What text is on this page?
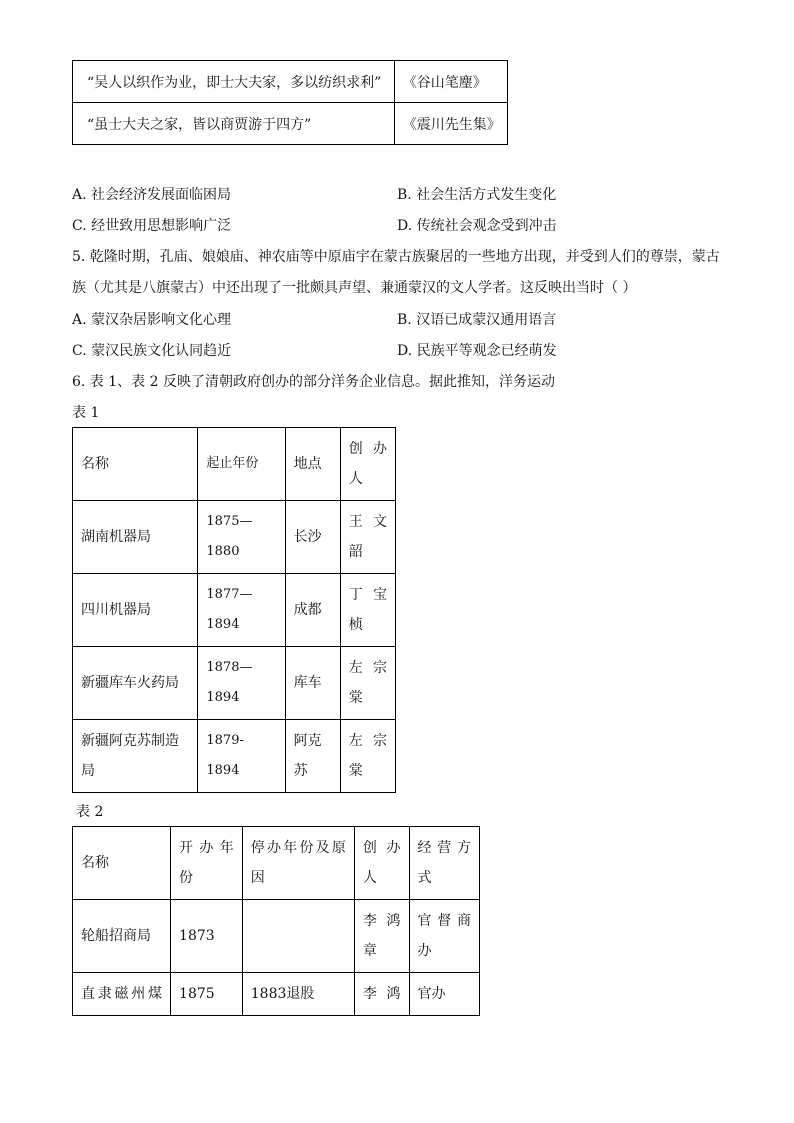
“吴人以织作为业，即士大夫家，多以纺织求利”	《谷山笔麈》
“虽士大夫之家，皆以商贾游于四方”	《震川先生集》
A. 社会经济发展面临困局	B. 社会生活方式发生变化
C. 经世致用思想影响广泛	D. 传统社会观念受到冲击
5. 乾隆时期，孔庙、娘娘庙、神农庙等中原庙宇在蒙古族聚居的一些地方出现，并受到人们的尊崇，蒙古
族（尤其是八旗蒙古）中还出现了一批颇具声望、兼通蒙汉的文人学者。这反映出当时（ ）
A. 蒙汉杂居影响文化心理	B. 汉语已成蒙汉通用语言
C. 蒙汉民族文化认同趋近	D. 民族平等观念已经萌发
6. 表 1、表 2 反映了清朝政府创办的部分洋务企业信息。据此推知，洋务运动
表 1
名称	起止年份	地点	创办人
湖南机器局	1875—1880	长沙	王文韶
四川机器局	1877—1894	成都	丁宝桢
新疆库车火药局	1878—1894	库车	左宗棠
新疆阿克苏制造局	1879-1894	阿克苏	左宗棠
表 2
名称	开办年份	停办年份及原因	创办人	经营方式
轮船招商局	1873		李鸿章	官督商办
直隶磁州煤	1875	1883退股	李鸿	官办
